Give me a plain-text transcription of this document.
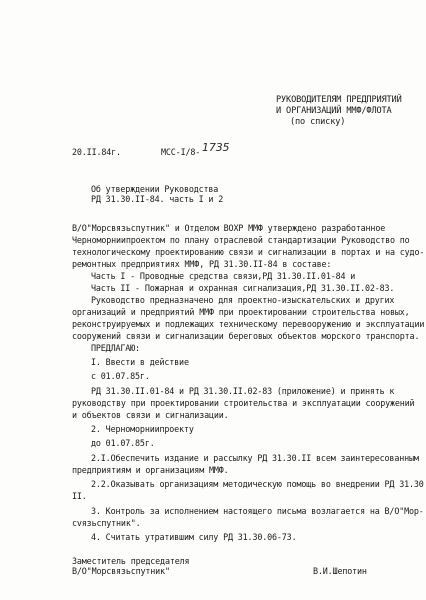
РУКОВОДИТЕЛЯМ ПРЕДПРИЯТИЙ
И ОРГАНИЗАЦИЙ ММФ/ФЛОТА
(по списку)
20.II.84г.	МСС-I/8- 1735
Об утверждении Руководства
РД 31.30.II-84. часть I и 2
В/О"Морсвязьспутник" и Отделом ВОХР ММФ утверждено разработанное
Черноморниипроектом по плану отраслевой стандартизации Руководство по
технологическому проектированию связи и сигнализации в портах и на судо-
ремонтных предприятиях ММФ, РД 31.30.II-84 в составе:
Часть I - Проводные средства связи,РД 31.30.II.01-84 и
Часть II - Пожарная и охранная сигнализация,РД 31.30.II.02-83.
Руководство предназначено для проектно-изыскательских и других
организаций и предприятий ММФ при проектировании строительства новых,
реконструируемых и подлежащих техническому перевооружению и эксплуатации
сооружений связи и сигнализации береговых объектов морского транспорта.
ПРЕДЛАГАЮ:
I. Ввести в действие
с 01.07.85г.
РД 31.30.II.01-84 и РД 31.30.II.02-83 (приложение) и принять к
руководству при проектировании строительства и эксплуатации сооружений
и объектов связи и сигнализации.
2. Черноморниипроекту
до 01.07.85г.
2.I.Обеспечить издание и рассылку РД 31.30.II всем заинтересованным
предприятиям и организациям ММФ.
2.2.Оказывать организациям методическую помощь во внедрении РД 31.30
II.
3. Контроль за исполнением настоящего письма возлагается на В/О"Мор-
сvязьспутник".
4. Считать утратившим силу РД 31.30.06-73.
Заместитель председателя
В/О"Морсвязьспутник"	В.И.Шепотин
